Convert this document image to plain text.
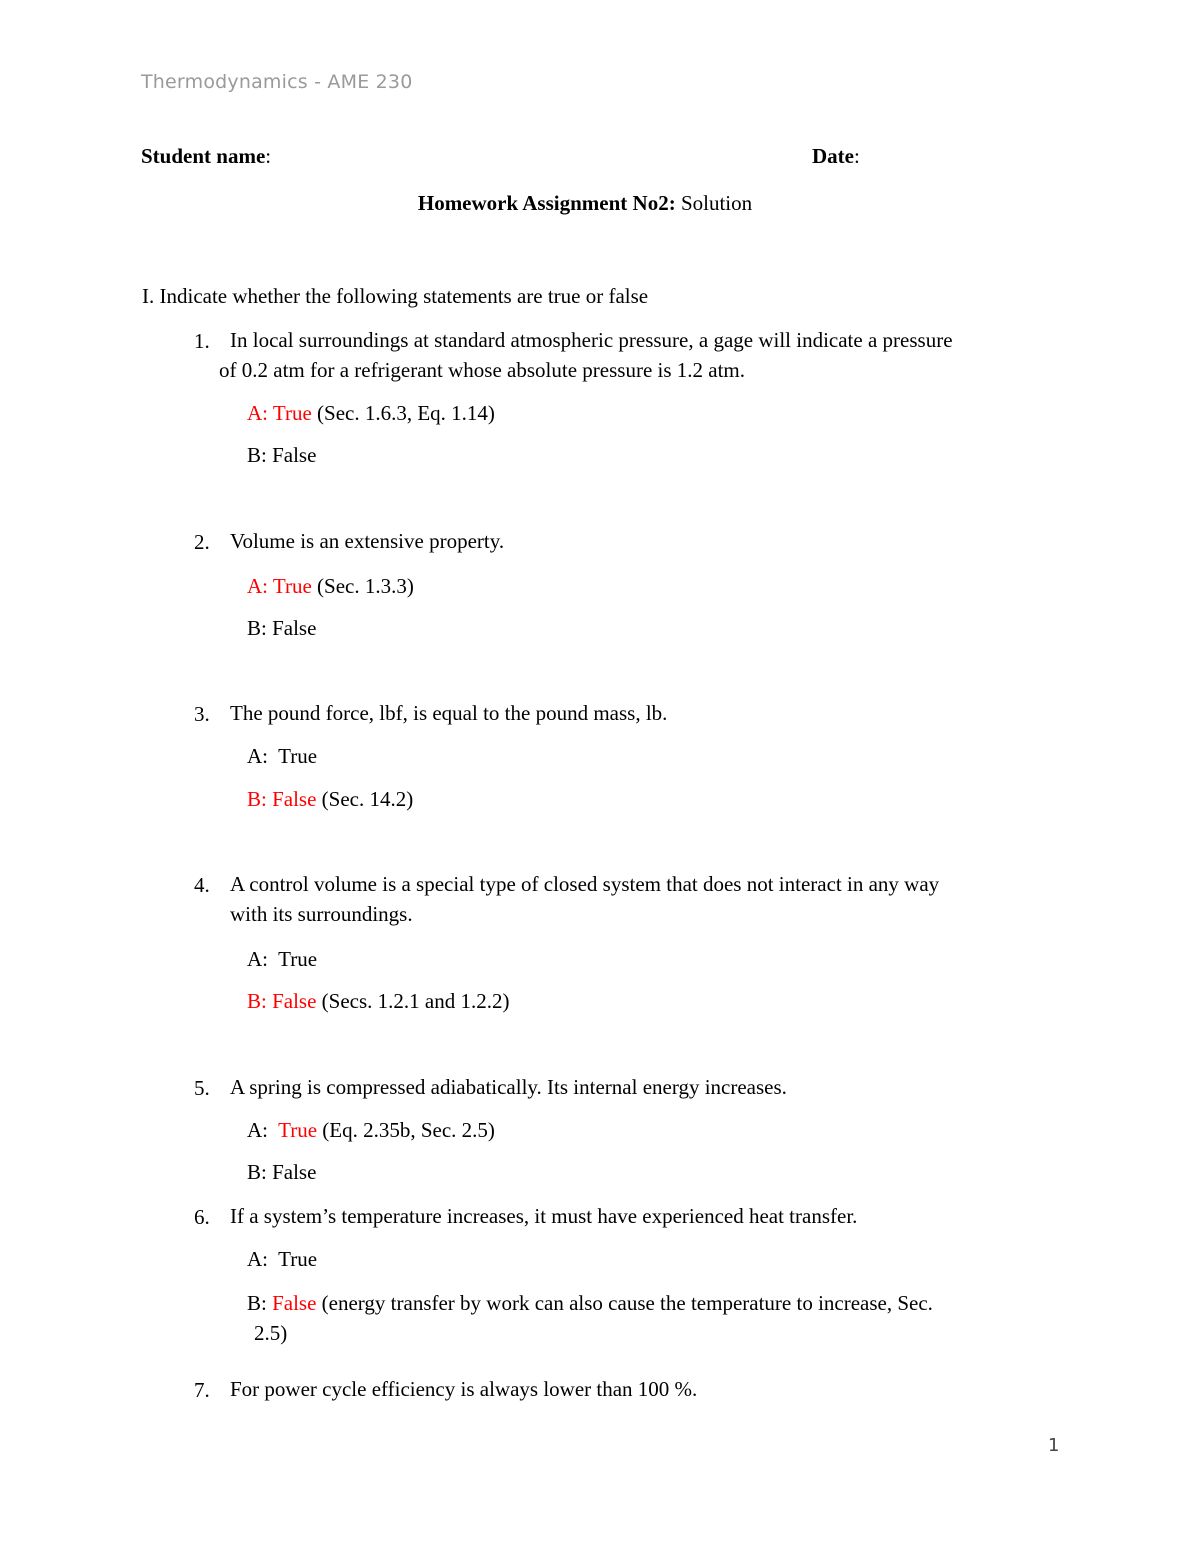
Thermodynamics - AME 230
Student name:	Date:
Homework Assignment No2: Solution
I. Indicate whether the following statements are true or false
1. In local surroundings at standard atmospheric pressure, a gage will indicate a pressure
of 0.2 atm for a refrigerant whose absolute pressure is 1.2 atm.
A: True (Sec. 1.6.3, Eq. 1.14)
B: False
2. Volume is an extensive property.
A: True (Sec. 1.3.3)
B: False
3. The pound force, lbf, is equal to the pound mass, lb.
A:  True
B: False (Sec. 14.2)
4. A control volume is a special type of closed system that does not interact in any way
with its surroundings.
A:  True
B: False (Secs. 1.2.1 and 1.2.2)
5. A spring is compressed adiabatically. Its internal energy increases.
A:  True (Eq. 2.35b, Sec. 2.5)
B: False
6. If a system’s temperature increases, it must have experienced heat transfer.
A:  True
B: False (energy transfer by work can also cause the temperature to increase, Sec.
2.5)
7. For power cycle efficiency is always lower than 100 %.
1
